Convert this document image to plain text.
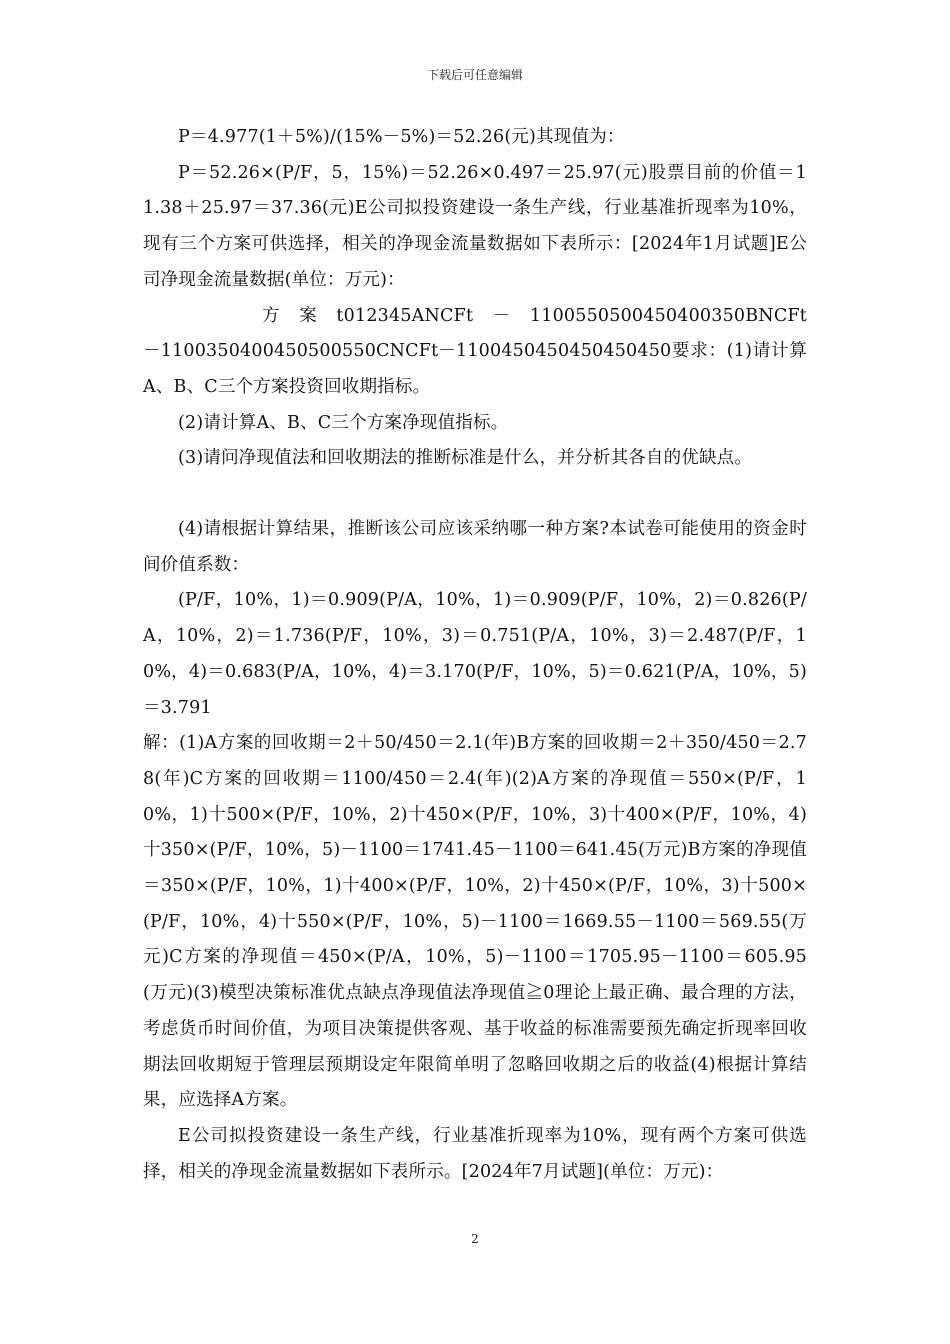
下载后可任意编辑

P＝4.977(1＋5%)/(15%－5%)＝52.26(元)其现值为：

P＝52.26×(P/F，5，15%)＝52.26×0.497＝25.97(元)股票目前的价值＝11.38＋25.97＝37.36(元)E公司拟投资建设一条生产线，行业基准折现率为10%，现有三个方案可供选择，相关的净现金流量数据如下表所示：[2024年1月试题]E公司净现金流量数据(单位：万元)：

方　案　t012345ANCFt　－　1100550500450400350BNCFt　－1100350400450500550CNCFt－1100450450450450450要求：(1)请计算A、B、C三个方案投资回收期指标。

(2)请计算A、B、C三个方案净现值指标。

(3)请问净现值法和回收期法的推断标准是什么，并分析其各自的优缺点。

(4)请根据计算结果，推断该公司应该采纳哪一种方案?本试卷可能使用的资金时间价值系数：

(P/F，10%，1)＝0.909(P/A，10%，1)＝0.909(P/F，10%，2)＝0.826(P/A，10%，2)＝1.736(P/F，10%，3)＝0.751(P/A，10%，3)＝2.487(P/F，10%，4)＝0.683(P/A，10%，4)＝3.170(P/F，10%，5)＝0.621(P/A，10%，5)＝3.791

解：(1)A方案的回收期＝2＋50/450＝2.1(年)B方案的回收期＝2＋350/450＝2.78(年)C方案的回收期＝1100/450＝2.4(年)(2)A方案的净现值＝550×(P/F，10%，1)十500×(P/F，10%，2)十450×(P/F，10%，3)十400×(P/F，10%，4)十350×(P/F，10%，5)－1100＝1741.45－1100＝641.45(万元)B方案的净现值＝350×(P/F，10%，1)十400×(P/F，10%，2)十450×(P/F，10%，3)十500×(P/F，10%，4)十550×(P/F，10%，5)－1100＝1669.55－1100＝569.55(万元)C方案的净现值＝450×(P/A，10%，5)－1100＝1705.95－1100＝605.95(万元)(3)模型决策标准优点缺点净现值法净现值≧0理论上最正确、最合理的方法，考虑货币时间价值，为项目决策提供客观、基于收益的标准需要预先确定折现率回收期法回收期短于管理层预期设定年限简单明了忽略回收期之后的收益(4)根据计算结果，应选择A方案。

E公司拟投资建设一条生产线，行业基准折现率为10%，现有两个方案可供选择，相关的净现金流量数据如下表所示。[2024年7月试题](单位：万元)：

2
